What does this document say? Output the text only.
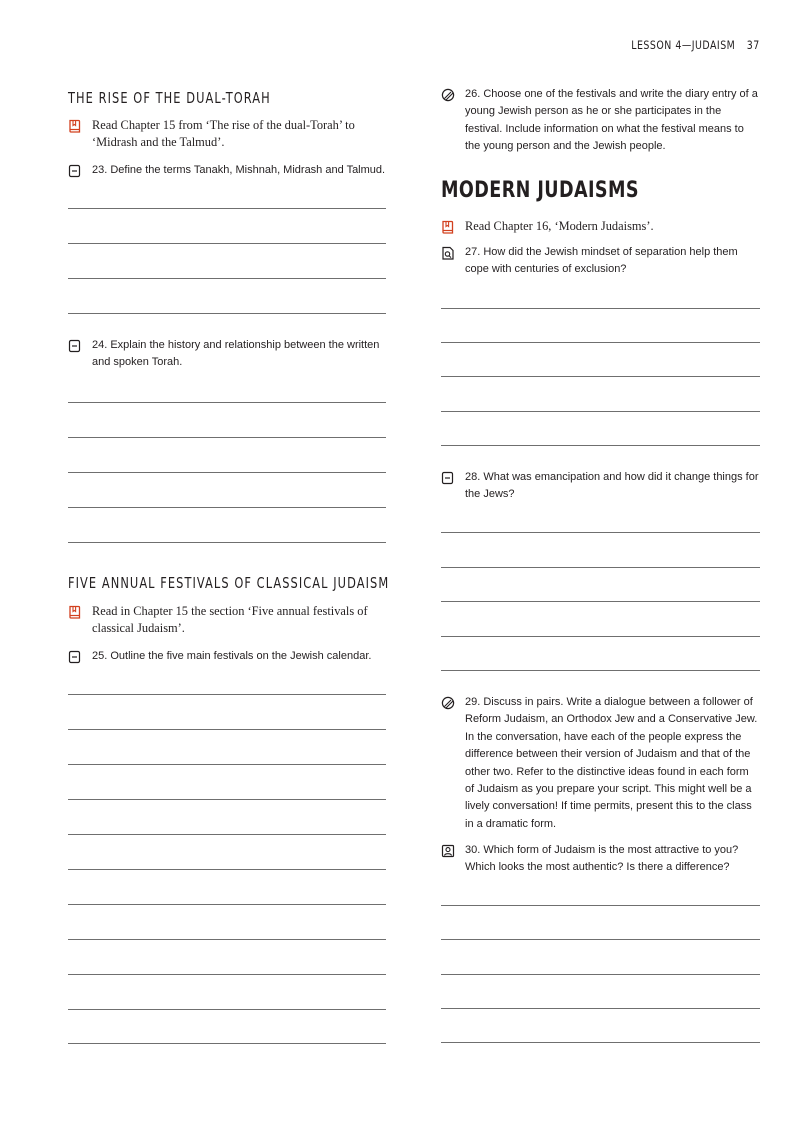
LESSON 4—JUDAISM 37
THE RISE OF THE DUAL-TORAH
Read Chapter 15 from ‘The rise of the dual-Torah’ to ‘Midrash and the Talmud’.
23. Define the terms Tanakh, Mishnah, Midrash and Talmud.
24. Explain the history and relationship between the written and spoken Torah.
FIVE ANNUAL FESTIVALS OF CLASSICAL JUDAISM
Read in Chapter 15 the section ‘Five annual festivals of classical Judaism’.
25. Outline the five main festivals on the Jewish calendar.
26. Choose one of the festivals and write the diary entry of a young Jewish person as he or she participates in the festival. Include information on what the festival means to the young person and the Jewish people.
MODERN JUDAISMS
Read Chapter 16, ‘Modern Judaisms’.
27. How did the Jewish mindset of separation help them cope with centuries of exclusion?
28. What was emancipation and how did it change things for the Jews?
29. Discuss in pairs. Write a dialogue between a follower of Reform Judaism, an Orthodox Jew and a Conservative Jew. In the conversation, have each of the people express the difference between their version of Judaism and that of the other two. Refer to the distinctive ideas found in each form of Judaism as you prepare your script. This might well be a lively conversation! If time permits, present this to the class in a dramatic form.
30. Which form of Judaism is the most attractive to you? Which looks the most authentic? Is there a difference?
